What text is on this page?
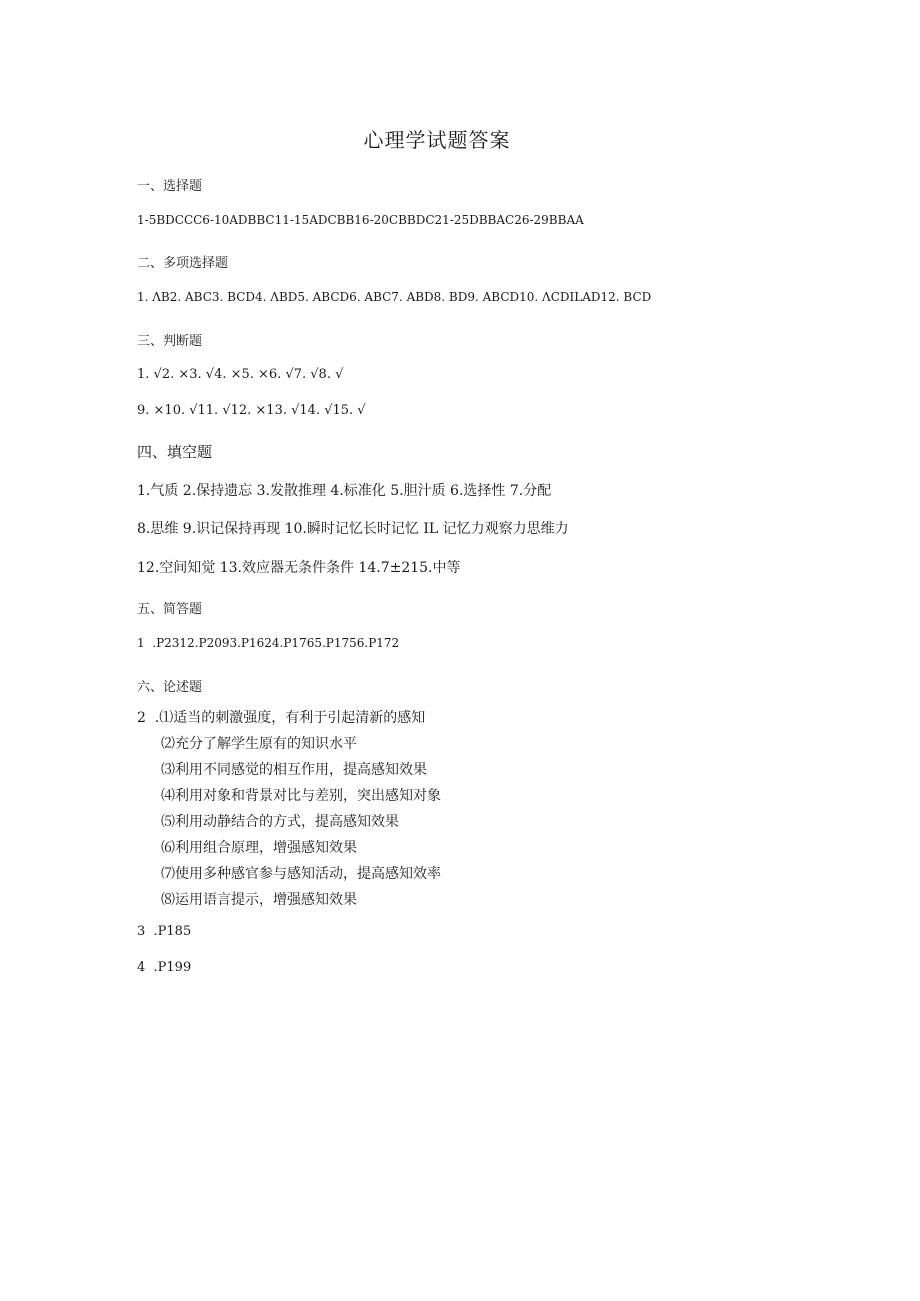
心理学试题答案
一、选择题
1-5BDCCC6-10ADBBC11-15ADCBB16-20CBBDC21-25DBBAC26-29BBAA
二、多项选择题
1. ΛB2. ABC3. BCD4. ΛBD5. ABCD6. ABC7. ABD8. BD9. ABCD10. ΛCDILAD12. BCD
三、判断题
1. √2. ×3. √4. ×5. ×6. √7. √8. √
9. ×10. √11. √12. ×13. √14. √15. √
四、填空题
1.气质 2.保持遗忘 3.发散推理 4.标准化 5.胆汁质 6.选择性 7.分配
8.思维 9.识记保持再现 10.瞬时记忆长时记忆 IL 记忆力观察力思维力
12.空间知觉 13.效应器无条件条件 14.7±215.中等
五、简答题
1  .P2312.P2093.P1624.P1765.P1756.P172
六、论述题
2  .⑴适当的刺激强度，有利于引起清新的感知
⑵充分了解学生原有的知识水平
⑶利用不同感觉的相互作用，提高感知效果
⑷利用对象和背景对比与差别，突出感知对象
⑸利用动静结合的方式，提高感知效果
⑹利用组合原理，增强感知效果
⑺使用多种感官参与感知活动，提高感知效率
⑻运用语言提示，增强感知效果
3  .P185
4  .P199
